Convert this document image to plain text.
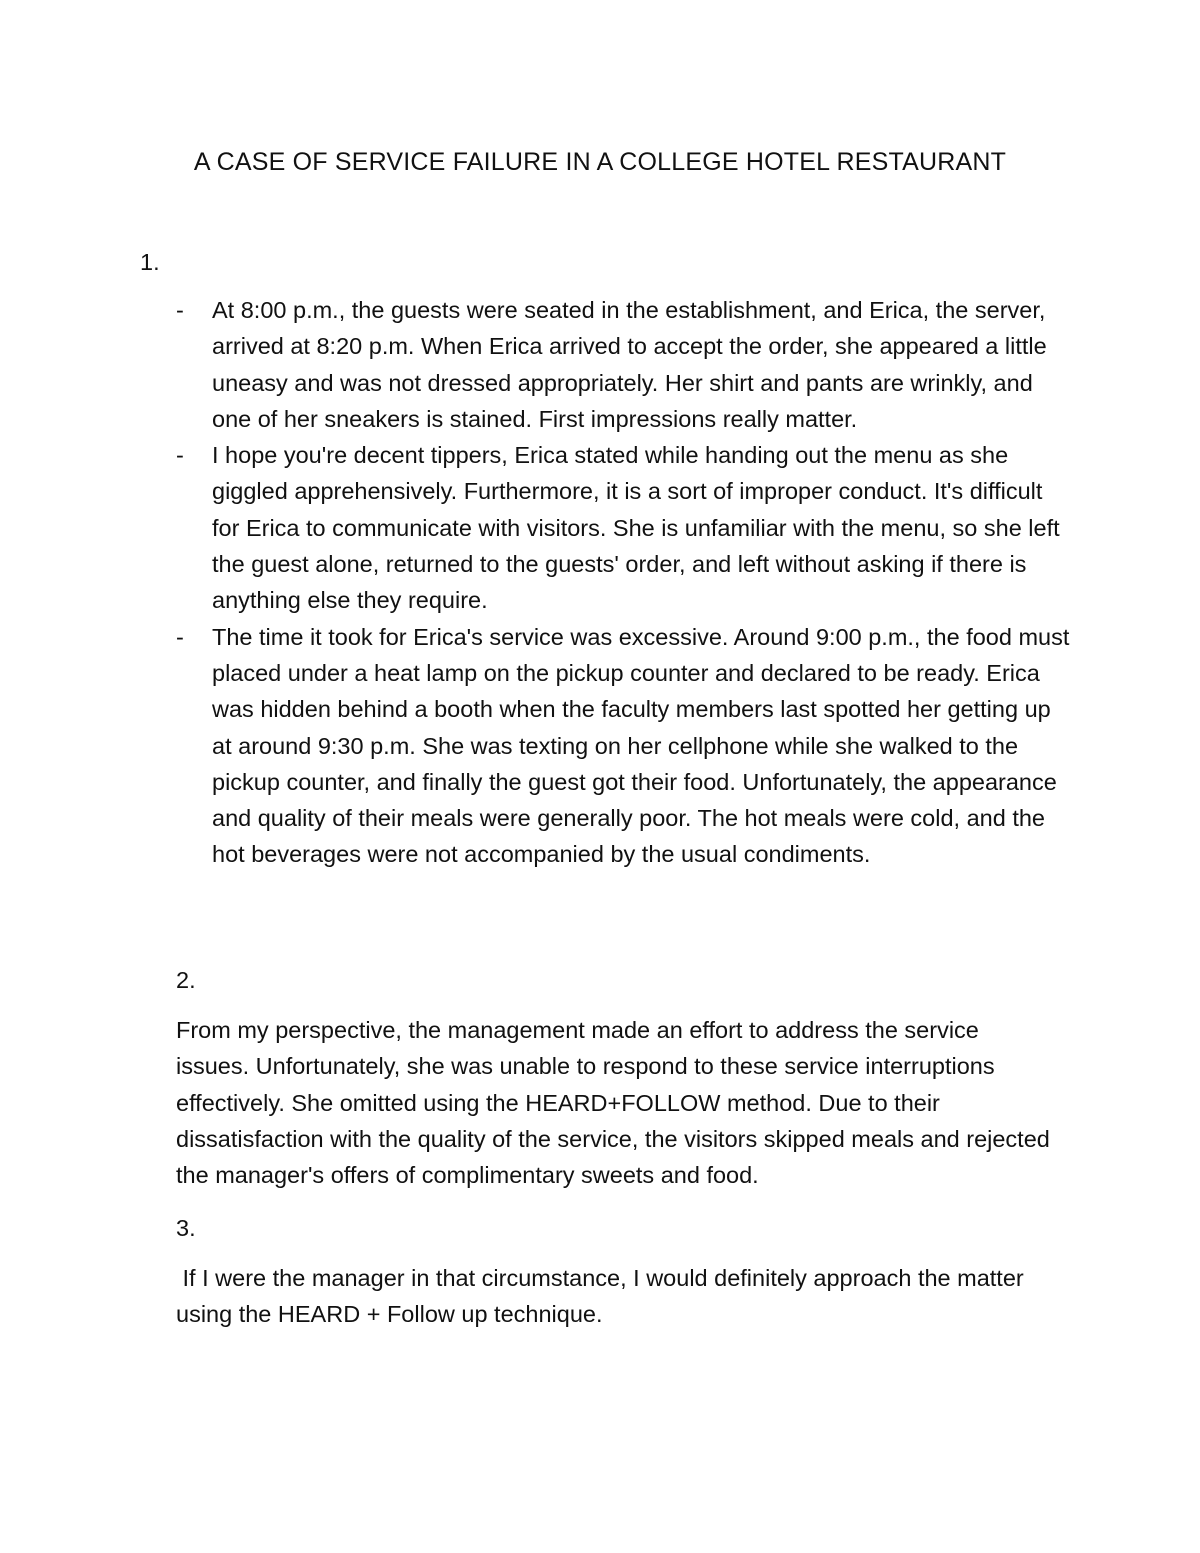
A CASE OF SERVICE FAILURE IN A COLLEGE HOTEL RESTAURANT
1.
- At 8:00 p.m., the guests were seated in the establishment, and Erica, the server, arrived at 8:20 p.m. When Erica arrived to accept the order, she appeared a little uneasy and was not dressed appropriately. Her shirt and pants are wrinkly, and one of her sneakers is stained. First impressions really matter.
- I hope you're decent tippers, Erica stated while handing out the menu as she giggled apprehensively. Furthermore, it is a sort of improper conduct. It's difficult for Erica to communicate with visitors. She is unfamiliar with the menu, so she left the guest alone, returned to the guests' order, and left without asking if there is anything else they require.
- The time it took for Erica's service was excessive. Around 9:00 p.m., the food must placed under a heat lamp on the pickup counter and declared to be ready. Erica was hidden behind a booth when the faculty members last spotted her getting up at around 9:30 p.m. She was texting on her cellphone while she walked to the pickup counter, and finally the guest got their food. Unfortunately, the appearance and quality of their meals were generally poor. The hot meals were cold, and the hot beverages were not accompanied by the usual condiments.
2.

From my perspective, the management made an effort to address the service issues. Unfortunately, she was unable to respond to these service interruptions effectively. She omitted using the HEARD+FOLLOW method. Due to their dissatisfaction with the quality of the service, the visitors skipped meals and rejected the manager's offers of complimentary sweets and food.

3.

If I were the manager in that circumstance, I would definitely approach the matter using the HEARD + Follow up technique.
